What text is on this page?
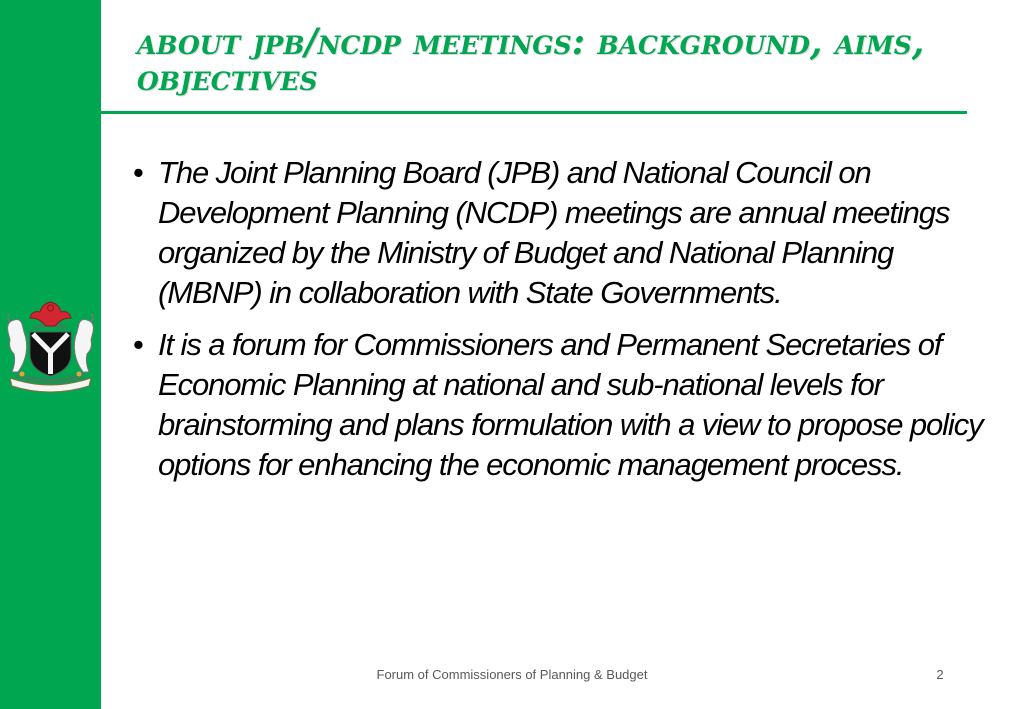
about jpb/ncdp meetings: background, aims, objectives
• The Joint Planning Board (JPB) and National Council on Development Planning (NCDP) meetings are annual meetings organized by the Ministry of Budget and National Planning (MBNP) in collaboration with State Governments.
• It is a forum for Commissioners and Permanent Secretaries of Economic Planning at national and sub-national levels for brainstorming and plans formulation with a view to propose policy options for enhancing the economic management process.
Forum of Commissioners of Planning & Budget	2
